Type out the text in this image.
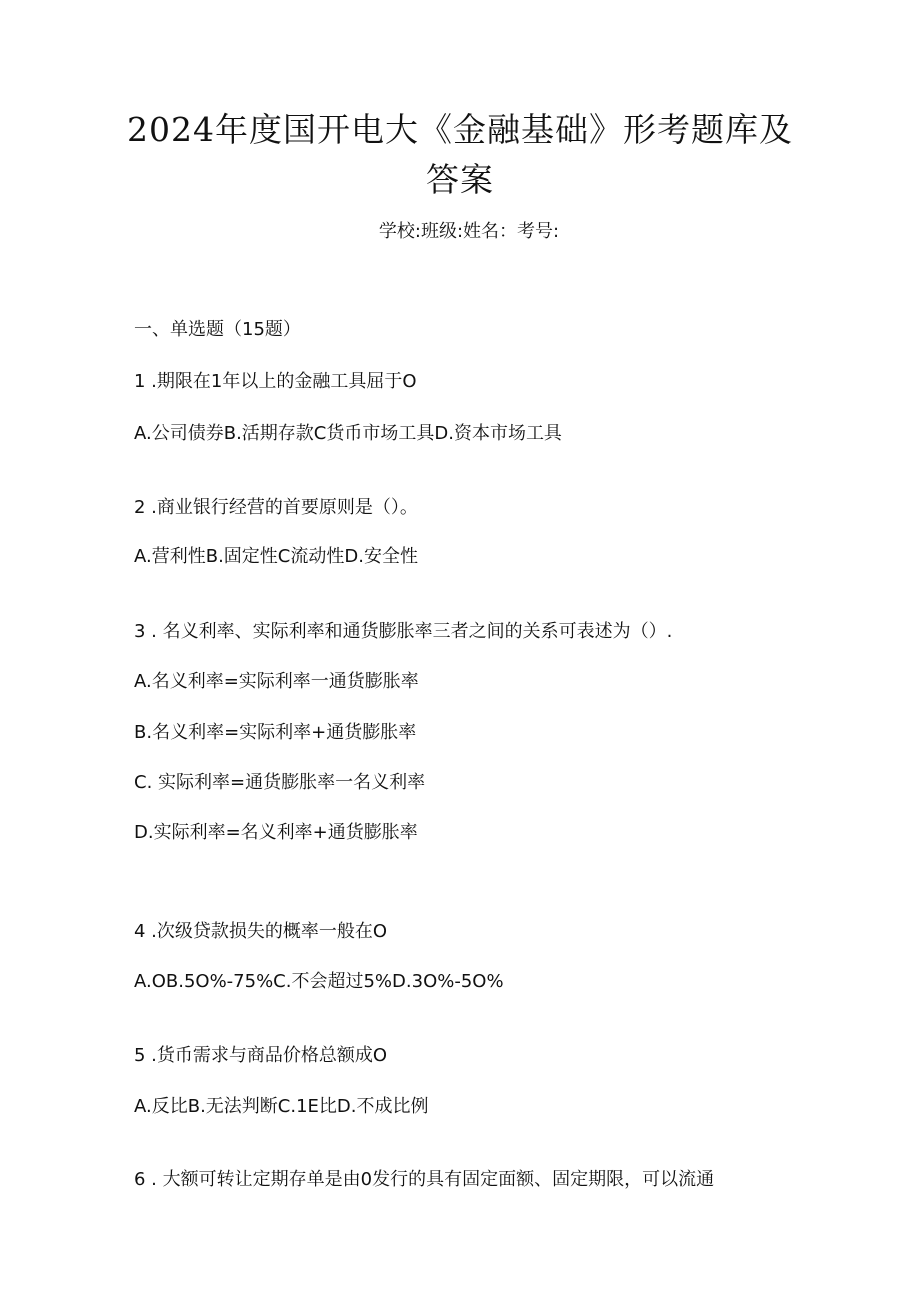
2024年度国开电大《金融基础》形考题库及
答案
学校:班级:姓名：考号:
一、单选题（15题）
1 .期限在1年以上的金融工具屈于O
A.公司债券B.活期存款C货币市场工具D.资本市场工具
2 .商业银行经营的首要原则是（）。
A.营利性B.固定性C流动性D.安全性
3 . 名义利率、实际利率和通货膨胀率三者之间的关系可表述为（）.
A.名义利率=实际利率一通货膨胀率
B.名义利率=实际利率+通货膨胀率
C. 实际利率=通货膨胀率一名义利率
D.实际利率=名义利率+通货膨胀率
4 .次级贷款损失的概率一般在O
A.OB.5O%-75%C.不会超过5%D.3O%-5O%
5 .货币需求与商品价格总额成O
A.反比B.无法判断C.1E比D.不成比例
6 . 大额可转让定期存单是由0发行的具有固定面额、固定期限，可以流通
